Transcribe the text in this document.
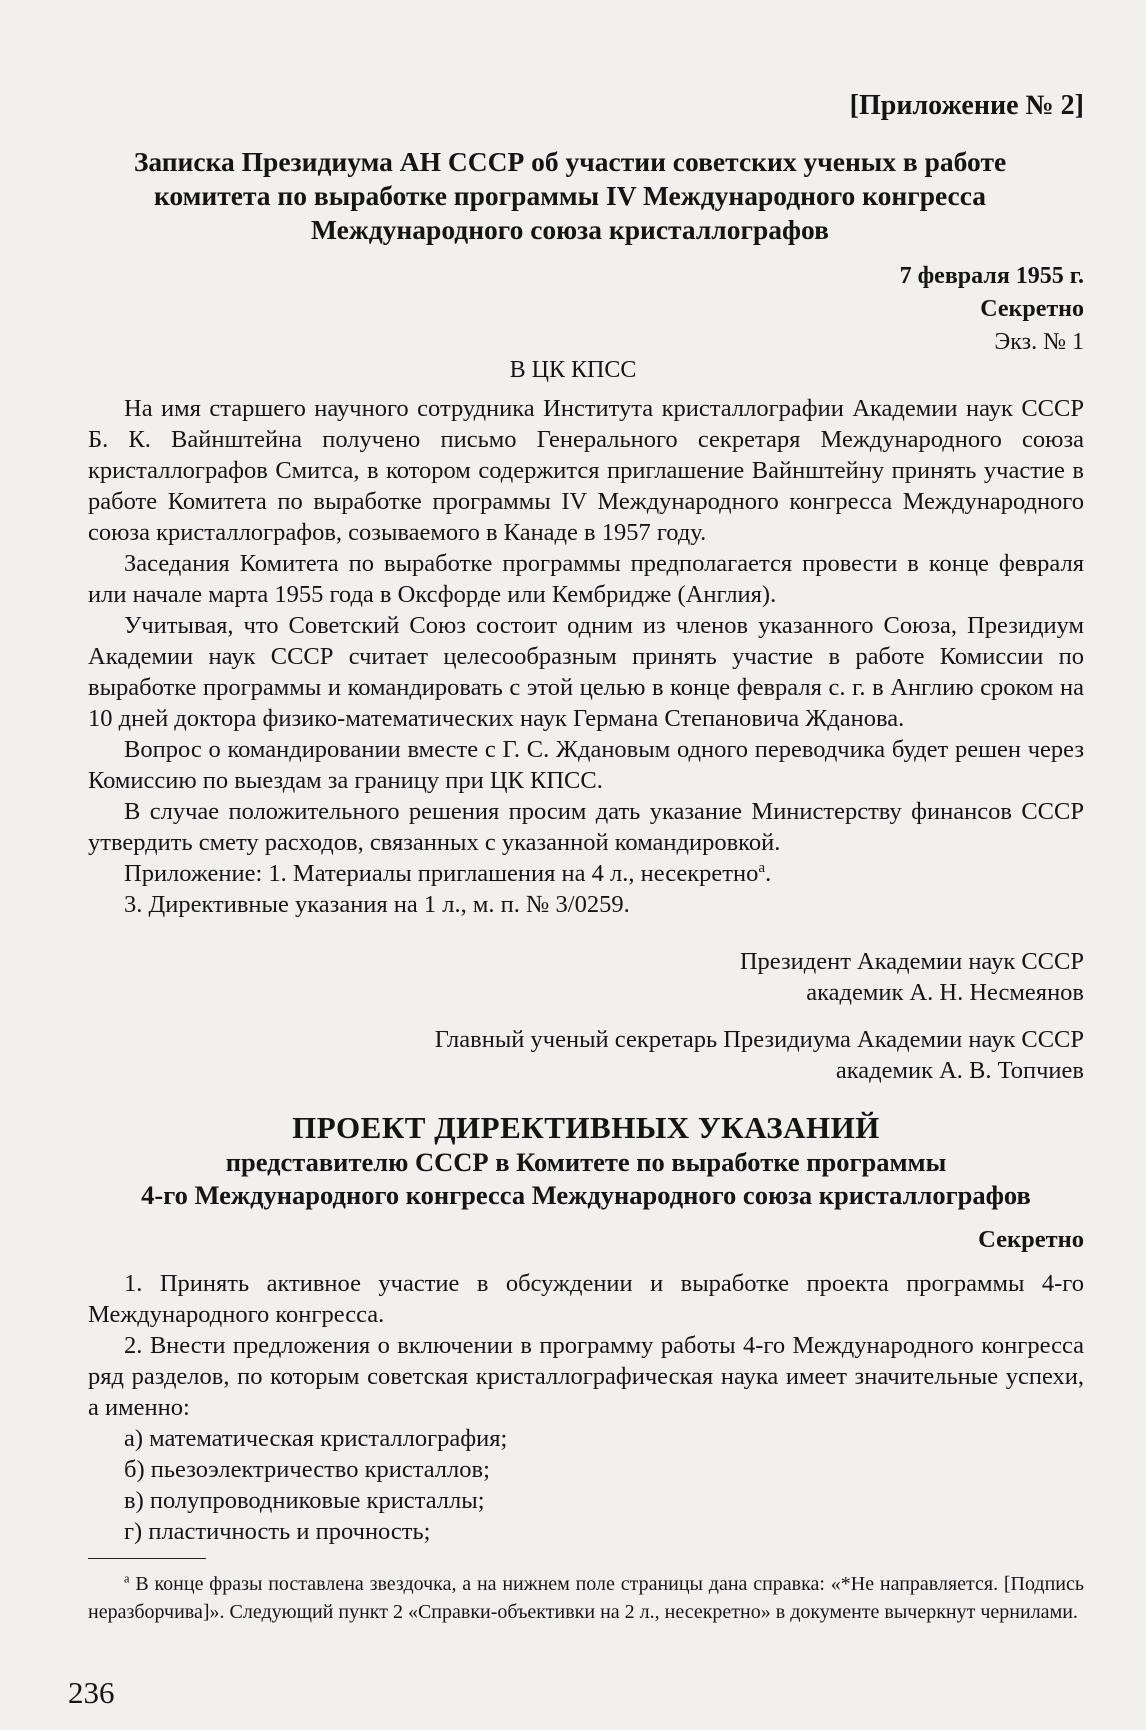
[Приложение № 2]
Записка Президиума АН СССР об участии советских ученых в работе комитета по выработке программы IV Международного конгресса Международного союза кристаллографов
7 февраля 1955 г.
Секретно
Экз. № 1
В ЦК КПСС

На имя старшего научного сотрудника Института кристаллографии Академии наук СССР Б. К. Вайнштейна получено письмо Генерального секретаря Международного союза кристаллографов Смитса, в котором содержится приглашение Вайнштейну принять участие в работе Комитета по выработке программы IV Международного конгресса Международного союза кристаллографов, созываемого в Канаде в 1957 году.

Заседания Комитета по выработке программы предполагается провести в конце февраля или начале марта 1955 года в Оксфорде или Кембридже (Англия).

Учитывая, что Советский Союз состоит одним из членов указанного Союза, Президиум Академии наук СССР считает целесообразным принять участие в работе Комиссии по выработке программы и командировать с этой целью в конце февраля с. г. в Англию сроком на 10 дней доктора физико-математических наук Германа Степановича Жданова.

Вопрос о командировании вместе с Г. С. Ждановым одного переводчика будет решен через Комиссию по выездам за границу при ЦК КПСС.

В случае положительного решения просим дать указание Министерству финансов СССР утвердить смету расходов, связанных с указанной командировкой.

Приложение: 1. Материалы приглашения на 4 л., несекретно$^а$.

3. Директивные указания на 1 л., м. п. № 3/0259.

Президент Академии наук СССР
академик А. Н. Несмеянов
Главный ученый секретарь Президиума Академии наук СССР
академик А. В. Топчиев
ПРОЕКТ ДИРЕКТИВНЫХ УКАЗАНИЙ
представителю СССР в Комитете по выработке программы
4-го Международного конгресса Международного союза кристаллографов
Секретно

1. Принять активное участие в обсуждении и выработке проекта программы 4-го Международного конгресса.

2. Внести предложения о включении в программу работы 4-го Международного конгресса ряд разделов, по которым советская кристаллографическая наука имеет значительные успехи, а именно:

а) математическая кристаллография;

б) пьезоэлектричество кристаллов;

в) полупроводниковые кристаллы;

г) пластичность и прочность;

$^а$ В конце фразы поставлена звездочка, а на нижнем поле страницы дана справка: «*Не направляется. [Подпись неразборчива]». Следующий пункт 2 «Справки-объективки на 2 л., несекретно» в документе вычеркнут чернилами.

236
